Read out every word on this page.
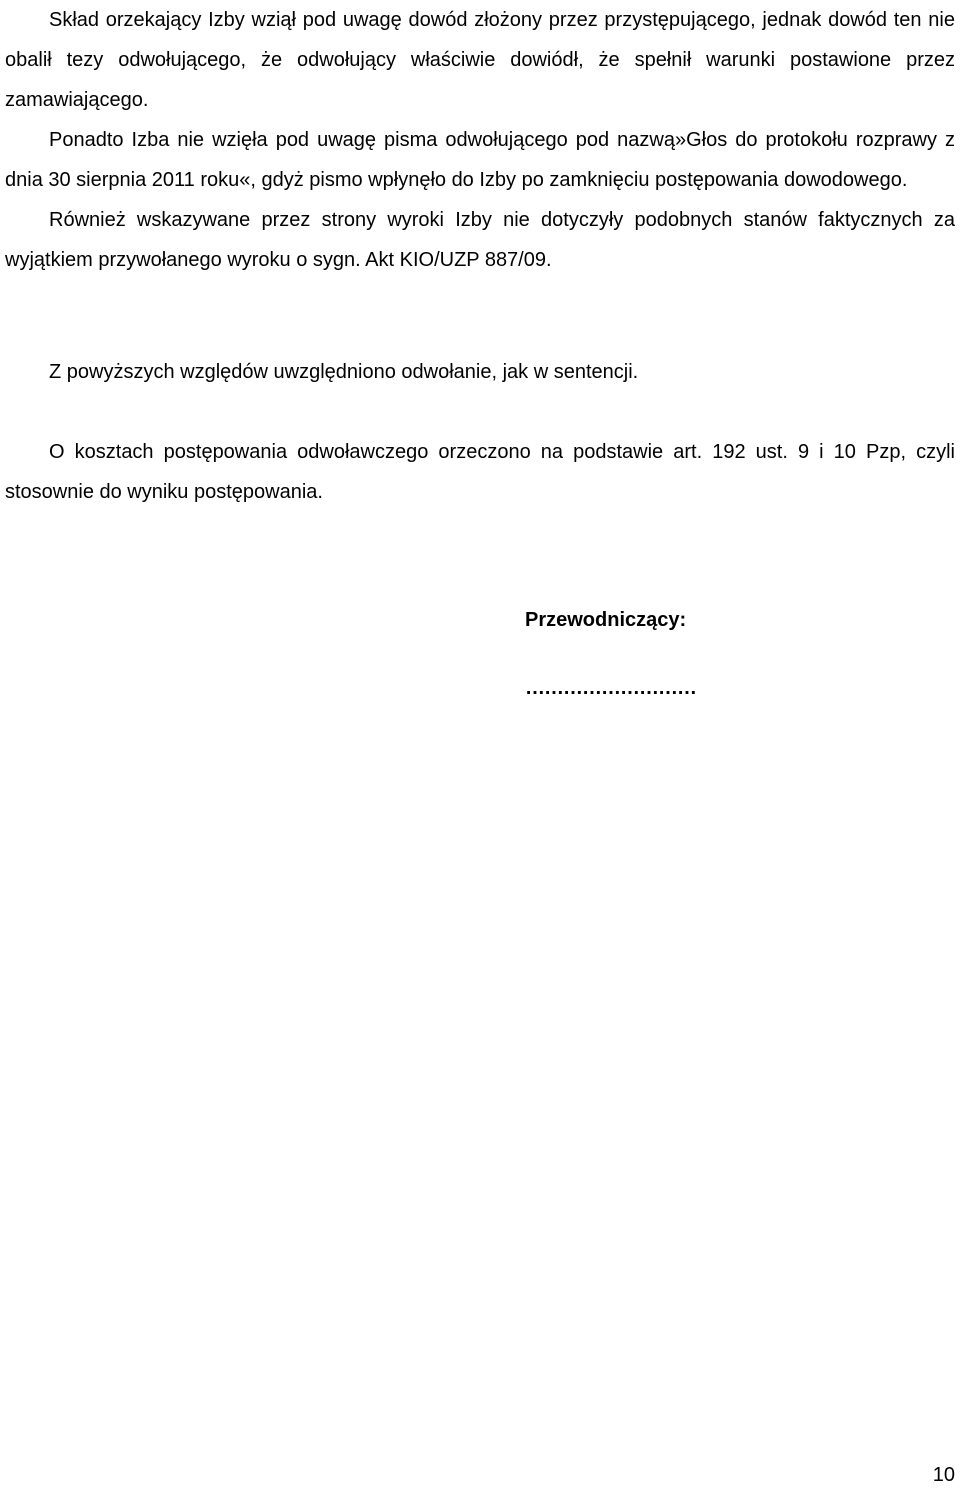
Skład orzekający Izby wziął pod uwagę dowód złożony przez przystępującego, jednak dowód ten nie obalił tezy odwołującego, że odwołujący właściwie dowiódł, że spełnił warunki postawione przez zamawiającego.

Ponadto Izba nie wzięła pod uwagę pisma odwołującego pod nazwą»Głos do protokołu rozprawy z dnia 30 sierpnia 2011 roku«, gdyż pismo wpłynęło do Izby po zamknięciu postępowania dowodowego.

Również wskazywane przez strony wyroki Izby nie dotyczyły podobnych stanów faktycznych za wyjątkiem przywołanego wyroku o sygn. Akt KIO/UZP 887/09.

Z powyższych względów uwzględniono odwołanie, jak w sentencji.

O kosztach postępowania odwoławczego orzeczono na podstawie art. 192 ust. 9 i 10 Pzp, czyli stosownie do wyniku postępowania.

Przewodniczący:

………………………

10
